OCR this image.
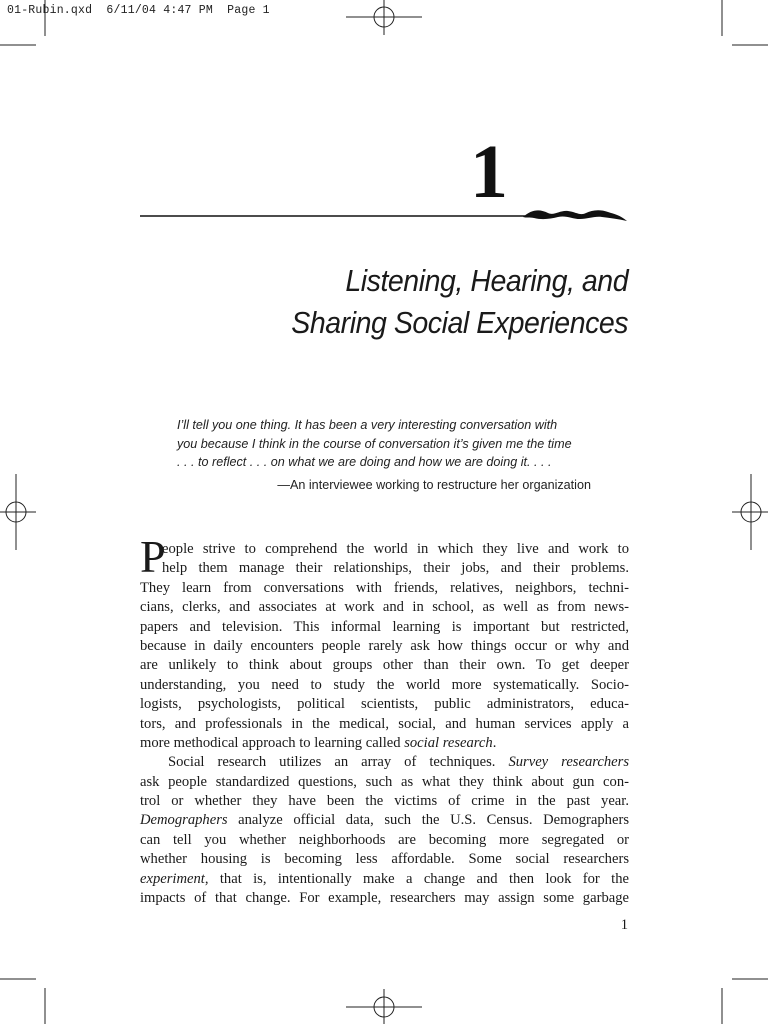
01-Rubin.qxd 6/11/04 4:47 PM Page 1
1
Listening, Hearing, and
Sharing Social Experiences
I’ll tell you one thing. It has been a very interesting conversation with
you because I think in the course of conversation it’s given me the time
. . . to reflect . . . on what we are doing and how we are doing it. . . .
—An interviewee working to restructure her organization
P
eople strive to comprehend the world in which they live and work to
help them manage their relationships, their jobs, and their problems.
They learn from conversations with friends, relatives, neighbors, techni-
cians, clerks, and associates at work and in school, as well as from news-
papers and television. This informal learning is important but restricted,
because in daily encounters people rarely ask how things occur or why and
are unlikely to think about groups other than their own. To get deeper
understanding, you need to study the world more systematically. Socio-
logists, psychologists, political scientists, public administrators, educa-
tors, and professionals in the medical, social, and human services apply a
more methodical approach to learning called social research.
Social research utilizes an array of techniques. Survey researchers
ask people standardized questions, such as what they think about gun con-
trol or whether they have been the victims of crime in the past year.
Demographers analyze official data, such the U.S. Census. Demographers
can tell you whether neighborhoods are becoming more segregated or
whether housing is becoming less affordable. Some social researchers
experiment, that is, intentionally make a change and then look for the
impacts of that change. For example, researchers may assign some garbage
1
